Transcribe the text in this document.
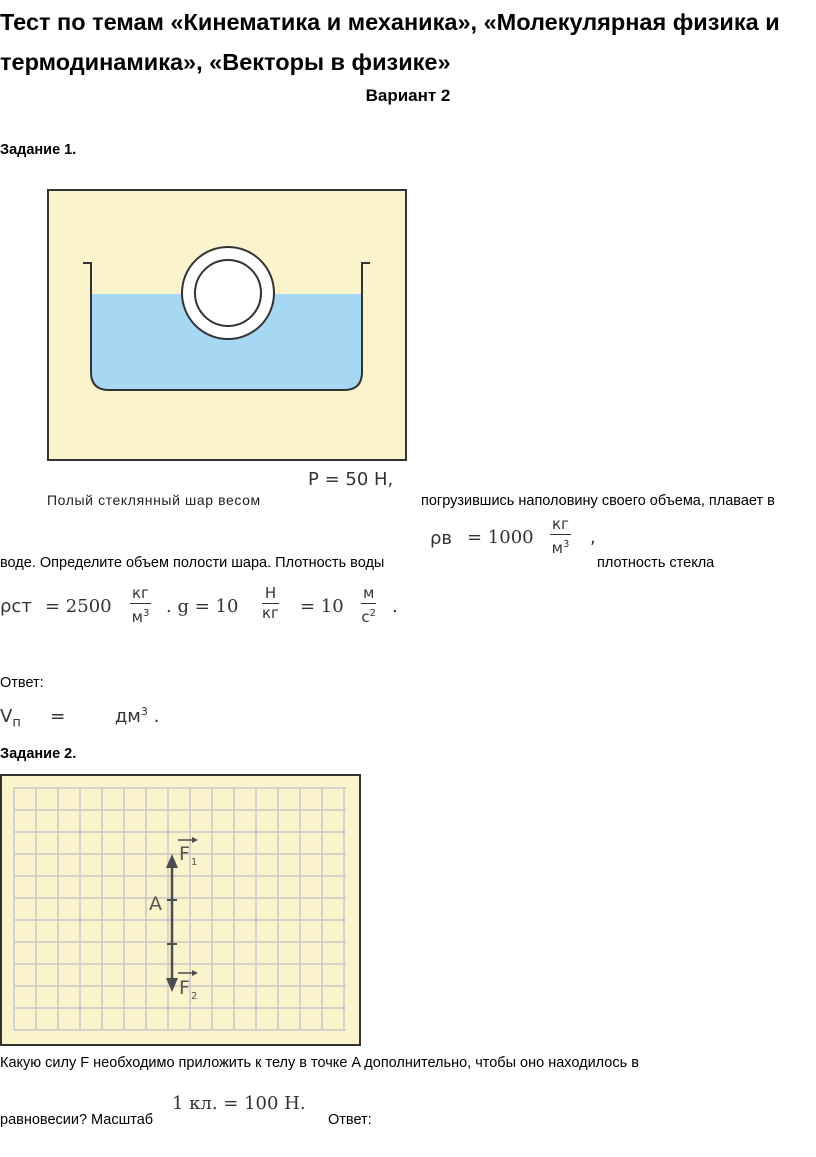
Тест по темам «Кинематика и механика», «Молекулярная физика и термодинамика», «Векторы в физике»
Вариант 2
Задание 1.
P = 50 Н,
Полый стеклянный шар весом	погрузившись наполовину своего объема, плавает в
ρв = 1000
кг
$м^3$ ,
воде. Определите объем полости шара. Плотность воды	плотность стекла
ρст = 2500
кг
$м^3$ . g = 10
Н
кг = 10
м
$с^2$ .
Ответ:
$V_п$ =	$дм^3$ .
Задание 2.
A
F 1
F 2
Какую силу F необходимо приложить к телу в точке A дополнительно, чтобы оно находилось в
равновесии? Масштаб
1 кл. = 100 Н.
Ответ:
